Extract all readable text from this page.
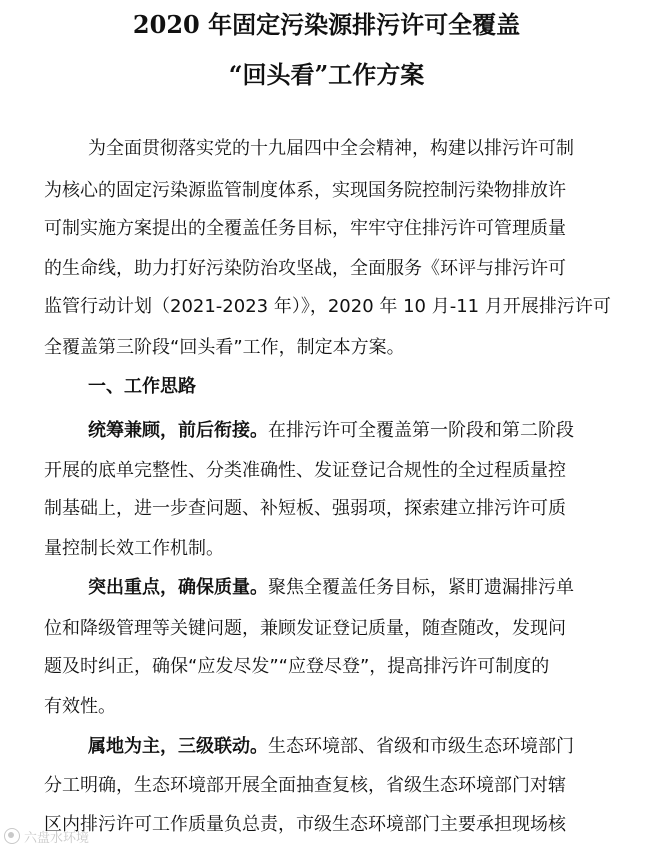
2020 年固定污染源排污许可全覆盖
“回头看”工作方案
为全面贯彻落实党的十九届四中全会精神，构建以排污许可制
为核心的固定污染源监管制度体系，实现国务院控制污染物排放许
可制实施方案提出的全覆盖任务目标，牢牢守住排污许可管理质量
的生命线，助力打好污染防治攻坚战，全面服务《环评与排污许可
监管行动计划（2021-2023 年）》，2020 年 10 月-11 月开展排污许可
全覆盖第三阶段“回头看”工作，制定本方案。
一、工作思路
统筹兼顾，前后衔接。在排污许可全覆盖第一阶段和第二阶段
开展的底单完整性、分类准确性、发证登记合规性的全过程质量控
制基础上，进一步查问题、补短板、强弱项，探索建立排污许可质
量控制长效工作机制。
突出重点，确保质量。聚焦全覆盖任务目标，紧盯遗漏排污单
位和降级管理等关键问题，兼顾发证登记质量，随查随改，发现问
题及时纠正，确保“应发尽发”“应登尽登”，提高排污许可制度的
有效性。
属地为主，三级联动。生态环境部、省级和市级生态环境部门
分工明确，生态环境部开展全面抽查复核，省级生态环境部门对辖
区内排污许可工作质量负总责，市级生态环境部门主要承担现场核
六盘水环境
